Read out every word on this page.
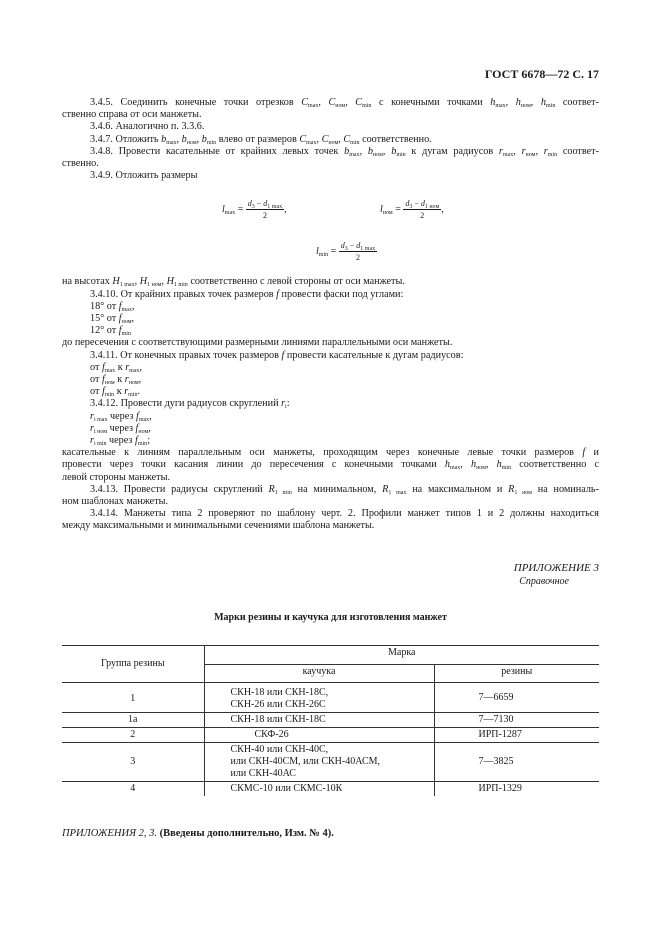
ГОСТ 6678—72 С. 17

3.4.5. Соединить конечные точки отрезков $C_{max}$, $C_{ном}$, $C_{min}$ с конечными точками $h_{max}$, $h_{ном}$, $h_{min}$ соответ-

ственно справа от оси манжеты.

3.4.6. Аналогично п. 3.3.6.

3.4.7. Отложить $b_{max}$, $b_{ном}$, $b_{min}$ влево от размеров $C_{max}$, $C_{ном}$, $C_{min}$ соответственно.

3.4.8. Провести касательные от крайних левых точек $b_{max}$, $b_{ном}$, $b_{min}$ к дугам радиусов $r_{max}$, $r_{ном}$, $r_{min}$ соответ-

ственно.

3.4.9. Отложить размеры

на высотах $H_{1 max}$, $H_{1 ном}$, $H_{1 min}$ соответственно с левой стороны от оси манжеты.

3.4.10. От крайних правых точек размеров f провести фаски под углами:

18° от $f_{max}$,

15° от $f_{ном}$,

12° от $f_{min}$

до пересечения с соответствующими размерными линиями параллельными оси манжеты.

3.4.11. От конечных правых точек размеров f провести касательные к дугам радиусов:

от $f_{max}$ к $r_{max}$,

от $f_{ном}$ к $r_{ном}$,

от $f_{min}$ к $r_{min}$.

3.4.12. Провести дуги радиусов скруглений $r_i$:

$r_{i max}$ через $f_{max}$,

$r_{i ном}$ через $f_{ном}$,

$r_{i min}$ через $f_{min}$;

касательные к линиям параллельным оси манжеты, проходящим через конечные левые точки размеров f и

провести через точки касания линии до пересечения с конечными точками $h_{max}$, $h_{ном}$, $h_{min}$ соответственно с

левой стороны манжеты.

3.4.13. Провести радиусы скруглений $R_{1 min}$ на минимальном, $R_{1 max}$ на максимальном и $R_{1 ном}$ на номиналь-

ном шаблонах манжеты.

3.4.14. Манжеты типа 2 проверяют по шаблону черт. 2. Профили манжет типов 1 и 2 должны находиться

между максимальными и минимальными сечениями шаблона манжеты.

$l_{max} = \frac{d_3 - d_{1 max}}{2}$ ,	$l_{ном} = \frac{d_3 - d_{1 ном}}{2}$ ,
$l_{min} = \frac{d_3 - d_{1 max}}{2}$
ПРИЛОЖЕНИЕ 3
Справочное
Марки резины и каучука для изготовления манжет
Группа резины	Марка	
	каучука	резины
1	СКН-18 или СКН-18С,
СКН-26 или СКН-26С	7—6659
1а	СКН-18 или СКН-18С	7—7130
2	СКФ-26	ИРП-1287
3	СКН-40 или СКН-40С,
или СКН-40СМ, или СКН-40АСМ,
или СКН-40АС	7—3825
4	СКМС-10 или СКМС-10К	ИРП-1329
ПРИЛОЖЕНИЯ 2, 3. (Введены дополнительно, Изм. № 4).
